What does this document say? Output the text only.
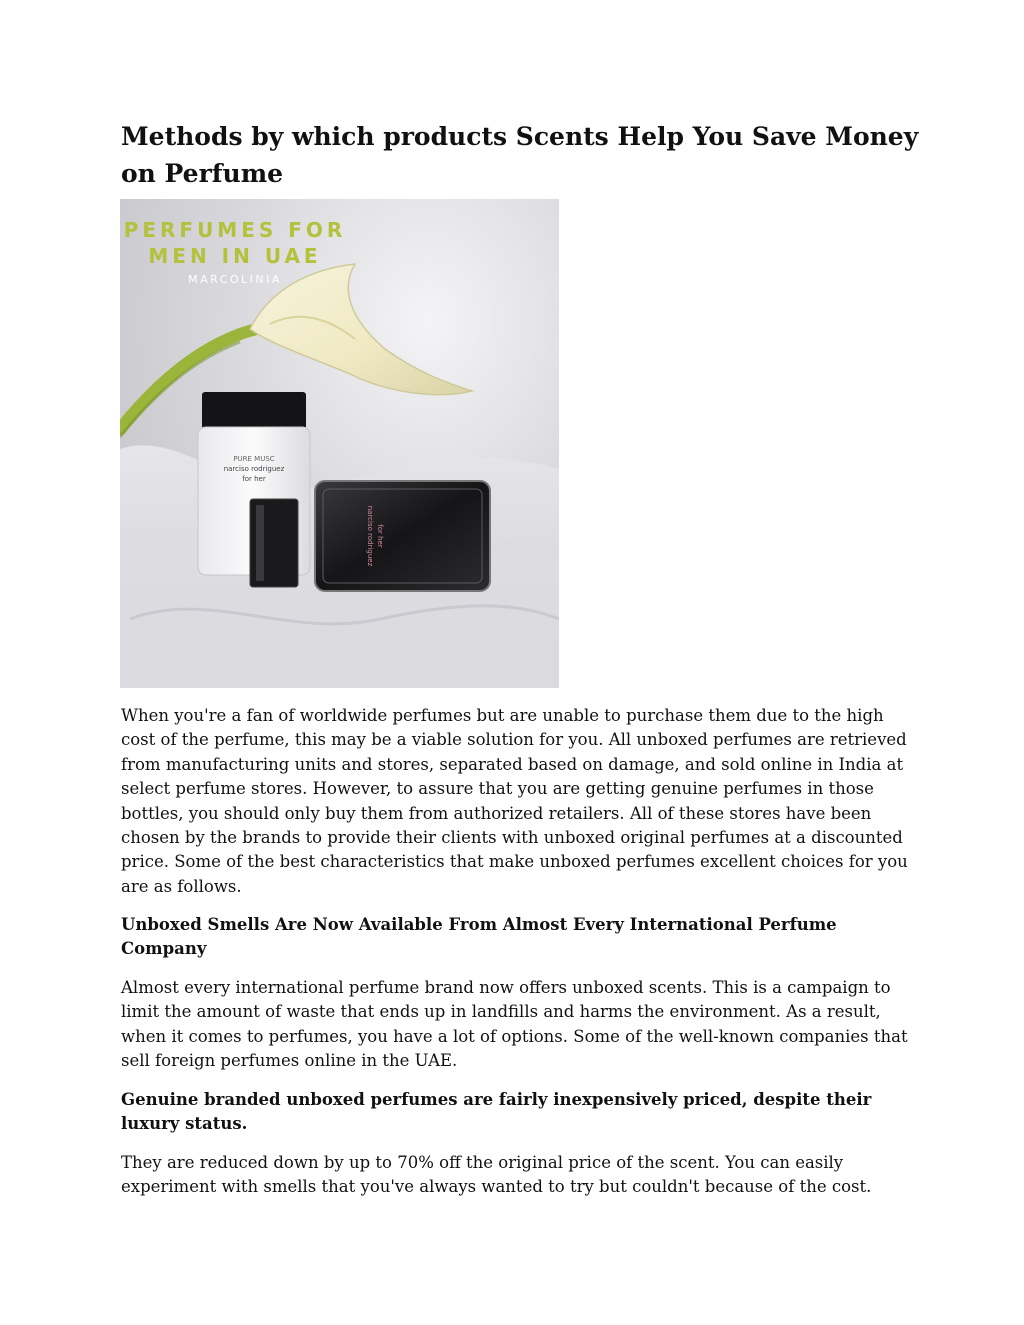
Methods by which products Scents Help You Save Money on Perfume
PERFUMES FOR
MEN IN UAE
MARCOLINIA
PURE MUSC
narciso rodriguez
for her
narciso rodriguez for her

When you're a fan of worldwide perfumes but are unable to purchase them due to the high cost of the perfume, this may be a viable solution for you. All unboxed perfumes are retrieved from manufacturing units and stores, separated based on damage, and sold online in India at select perfume stores. However, to assure that you are getting genuine perfumes in those bottles, you should only buy them from authorized retailers. All of these stores have been chosen by the brands to provide their clients with unboxed original perfumes at a discounted price. Some of the best characteristics that make unboxed perfumes excellent choices for you are as follows.

Unboxed Smells Are Now Available From Almost Every International Perfume Company

Almost every international perfume brand now offers unboxed scents. This is a campaign to limit the amount of waste that ends up in landfills and harms the environment. As a result, when it comes to perfumes, you have a lot of options. Some of the well-known companies that sell foreign perfumes online in the UAE.

Genuine branded unboxed perfumes are fairly inexpensively priced, despite their luxury status.

They are reduced down by up to 70% off the original price of the scent. You can easily experiment with smells that you've always wanted to try but couldn't because of the cost.
